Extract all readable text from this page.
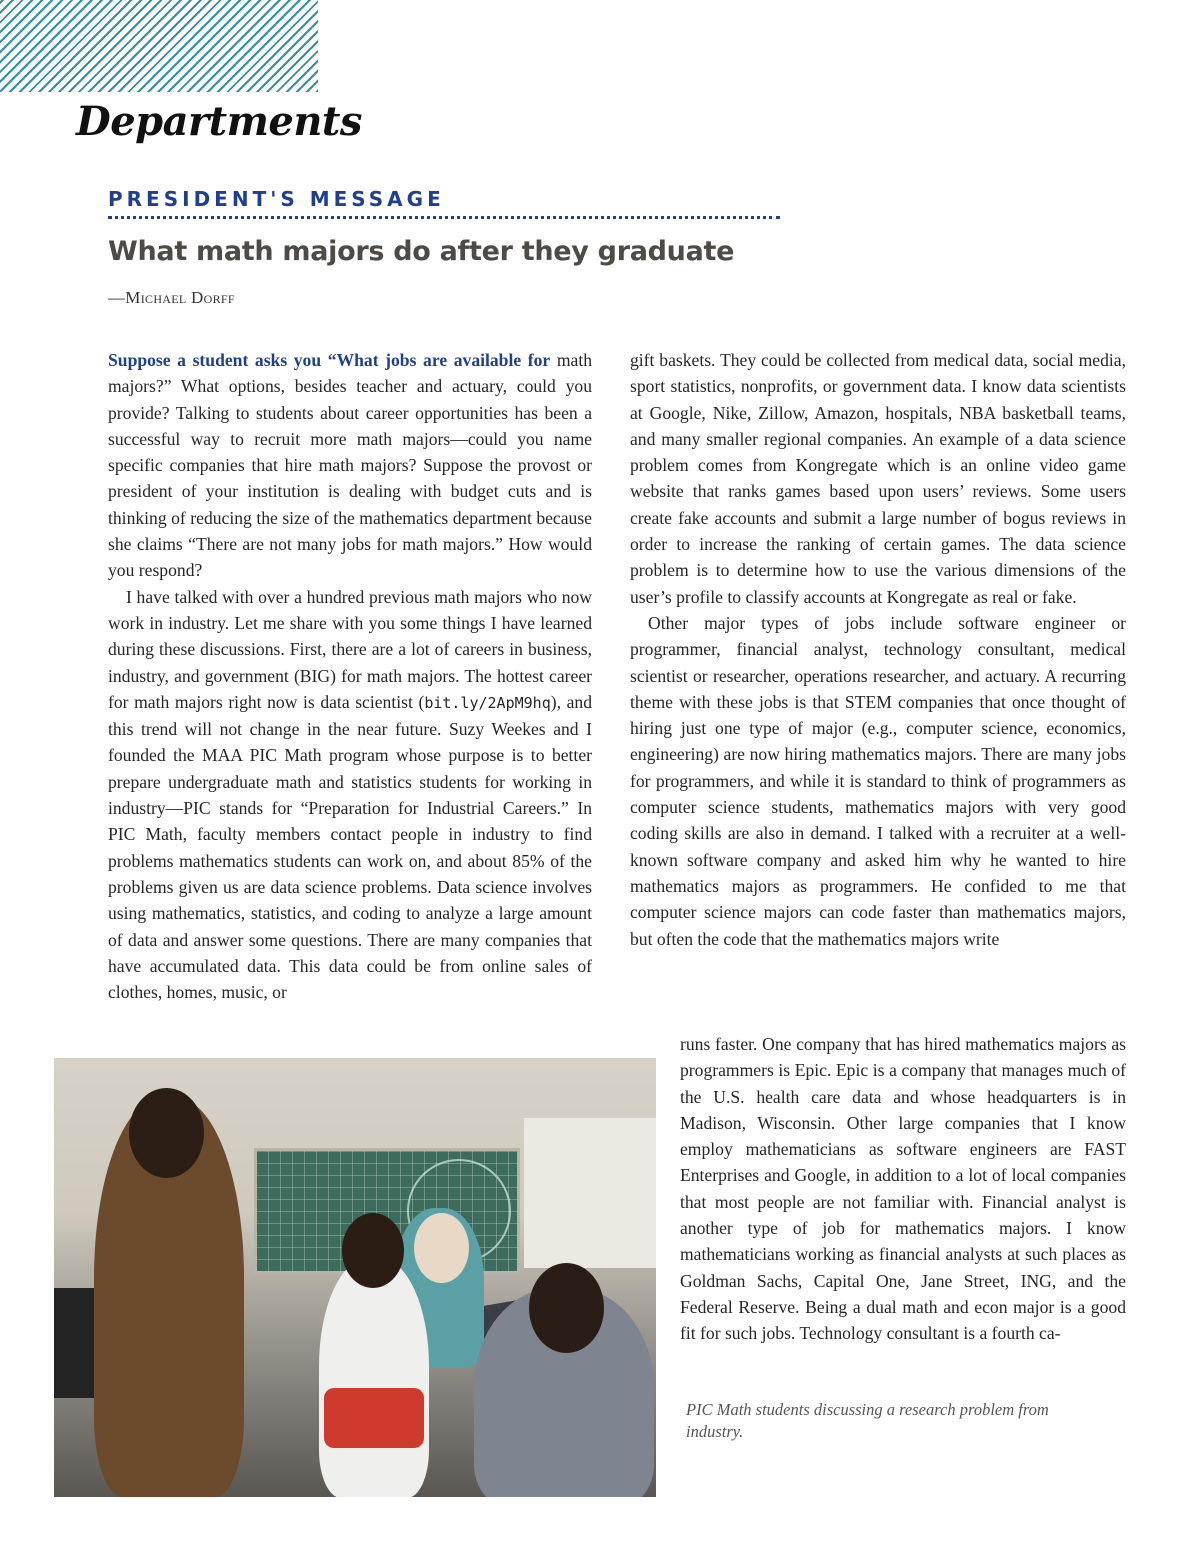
Departments
PRESIDENT'S MESSAGE
What math majors do after they graduate
—Michael Dorff

Suppose a student asks you “What jobs are available for math majors?” What options, besides teacher and actuary, could you provide? Talking to students about career opportunities has been a successful way to recruit more math majors—could you name specific companies that hire math majors? Suppose the provost or president of your institution is dealing with budget cuts and is thinking of reducing the size of the mathematics department because she claims “There are not many jobs for math majors.” How would you respond?

I have talked with over a hundred previous math majors who now work in industry. Let me share with you some things I have learned during these discussions. First, there are a lot of careers in business, industry, and government (BIG) for math majors. The hottest career for math majors right now is data scientist (bit.ly/2ApM9hq), and this trend will not change in the near future. Suzy Weekes and I founded the MAA PIC Math program whose purpose is to better prepare undergraduate math and statistics students for working in industry—PIC stands for “Preparation for Industrial Careers.” In PIC Math, faculty members contact people in industry to find problems mathematics students can work on, and about 85% of the problems given us are data science problems. Data science involves using mathematics, statistics, and coding to analyze a large amount of data and answer some questions. There are many companies that have accumulated data. This data could be from online sales of clothes, homes, music, or

gift baskets. They could be collected from medical data, social media, sport statistics, nonprofits, or government data. I know data scientists at Google, Nike, Zillow, Amazon, hospitals, NBA basketball teams, and many smaller regional companies. An example of a data science problem comes from Kongregate which is an online video game website that ranks games based upon users’ reviews. Some users create fake accounts and submit a large number of bogus reviews in order to increase the ranking of certain games. The data science problem is to determine how to use the various dimensions of the user’s profile to classify accounts at Kongregate as real or fake.

Other major types of jobs include software engineer or programmer, financial analyst, technology consultant, medical scientist or researcher, operations researcher, and actuary. A recurring theme with these jobs is that STEM companies that once thought of hiring just one type of major (e.g., computer science, economics, engineering) are now hiring mathematics majors. There are many jobs for programmers, and while it is standard to think of programmers as computer science students, mathematics majors with very good coding skills are also in demand. I talked with a recruiter at a well-known software company and asked him why he wanted to hire mathematics majors as programmers. He confided to me that computer science majors can code faster than mathematics majors, but often the code that the mathematics majors write

runs faster. One company that has hired mathematics majors as programmers is Epic. Epic is a company that manages much of the U.S. health care data and whose headquarters is in Madison, Wisconsin. Other large companies that I know employ mathematicians as software engineers are FAST Enterprises and Google, in addition to a lot of local companies that most people are not familiar with. Financial analyst is another type of job for mathematics majors. I know mathematicians working as financial analysts at such places as Goldman Sachs, Capital One, Jane Street, ING, and the Federal Reserve. Being a dual math and econ major is a good fit for such jobs. Technology consultant is a fourth ca-

PIC Math students discussing a research problem from industry.
